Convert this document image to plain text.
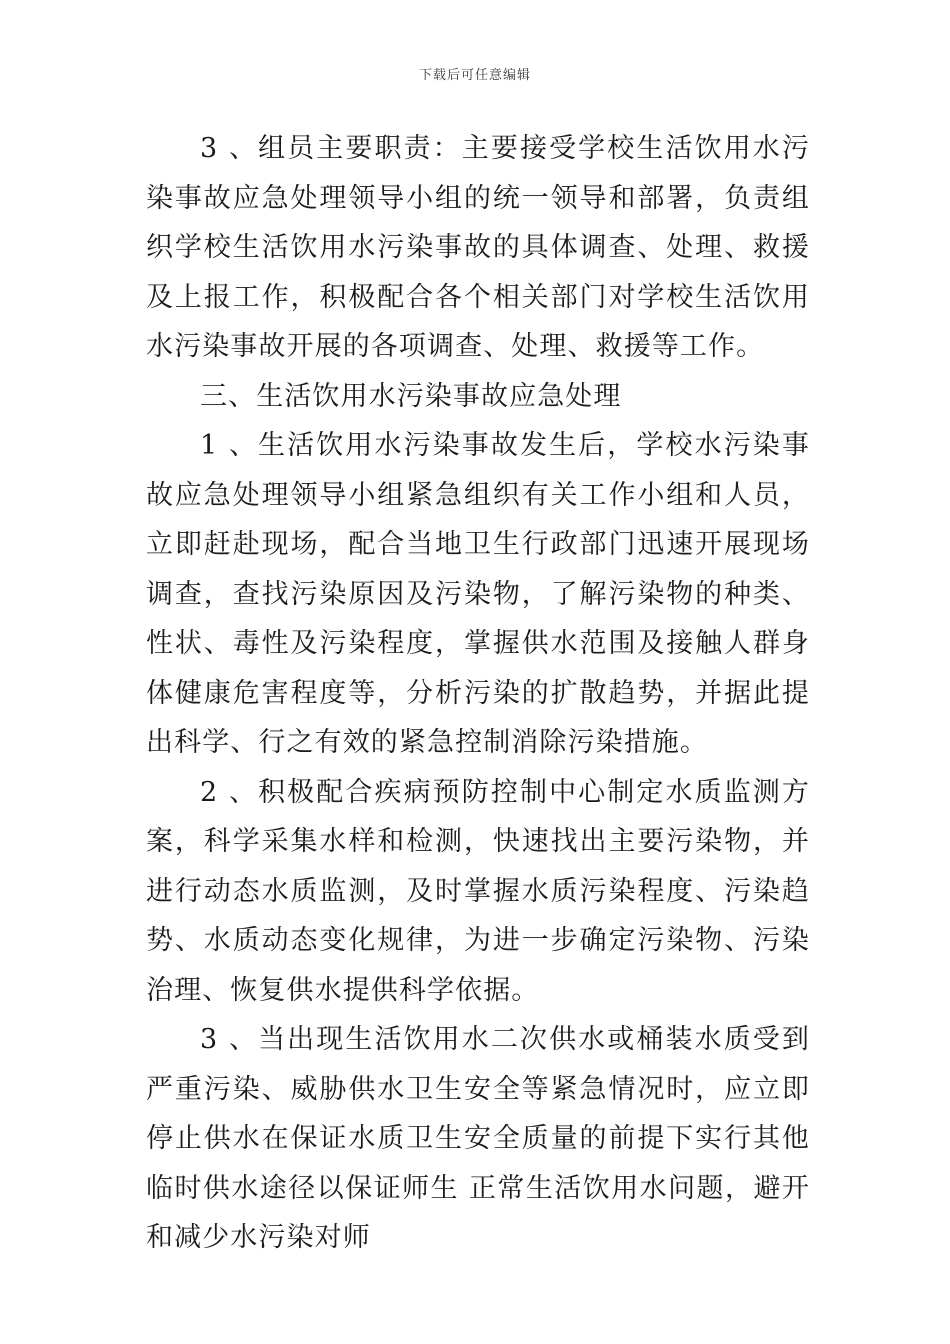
下载后可任意编辑

3 、组员主要职责：主要接受学校生活饮用水污染事故应急处理领导小组的统一领导和部署，负责组织学校生活饮用水污染事故的具体调查、处理、救援及上报工作，积极配合各个相关部门对学校生活饮用水污染事故开展的各项调查、处理、救援等工作。

三、生活饮用水污染事故应急处理

1 、生活饮用水污染事故发生后，学校水污染事故应急处理领导小组紧急组织有关工作小组和人员，立即赶赴现场，配合当地卫生行政部门迅速开展现场调查，查找污染原因及污染物，了解污染物的种类、性状、毒性及污染程度，掌握供水范围及接触人群身体健康危害程度等，分析污染的扩散趋势，并据此提出科学、行之有效的紧急控制消除污染措施。

2 、积极配合疾病预防控制中心制定水质监测方案，科学采集水样和检测，快速找出主要污染物，并进行动态水质监测，及时掌握水质污染程度、污染趋势、水质动态变化规律，为进一步确定污染物、污染治理、恢复供水提供科学依据。

3 、当出现生活饮用水二次供水或桶装水质受到严重污染、威胁供水卫生安全等紧急情况时，应立即停止供水在保证水质卫生安全质量的前提下实行其他临时供水途径以保证师生 正常生活饮用水问题，避开和减少水污染对师
